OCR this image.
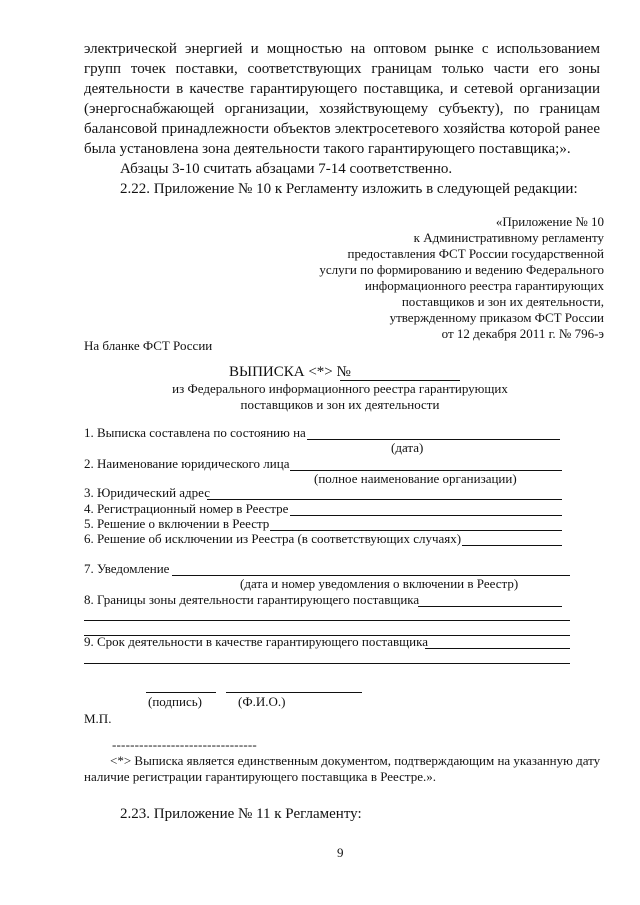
электрической энергией и мощностью на оптовом рынке с использованием
групп точек поставки, соответствующих границам только части его зоны
деятельности в качестве гарантирующего поставщика, и сетевой организации
(энергоснабжающей организации, хозяйствующему субъекту), по границам
балансовой принадлежности объектов электросетевого хозяйства которой ранее
была установлена зона деятельности такого гарантирующего поставщика;».
Абзацы 3-10 считать абзацами 7-14 соответственно.
2.22. Приложение № 10 к Регламенту изложить в следующей редакции:
«Приложение № 10
к Административному регламенту
предоставления ФСТ России государственной
услуги по формированию и ведению Федерального
информационного реестра гарантирующих
поставщиков и зон их деятельности,
утвержденному приказом ФСТ России
от 12 декабря 2011 г. № 796-э
На бланке ФСТ России
ВЫПИСКА <*> №
из Федерального информационного реестра гарантирующих
поставщиков и зон их деятельности
1. Выписка составлена по состоянию на
(дата)
2. Наименование юридического лица
(полное наименование организации)
3. Юридический адрес
4. Регистрационный номер в Реестре
5. Решение о включении в Реестр
6. Решение об исключении из Реестра (в соответствующих случаях)
7. Уведомление
(дата и номер уведомления о включении в Реестр)
8. Границы зоны деятельности гарантирующего поставщика
9. Срок деятельности в качестве гарантирующего поставщика
(подпись)	(Ф.И.О.)
М.П.
--------------------------------
<*> Выписка является единственным документом, подтверждающим на указанную дату
наличие регистрации гарантирующего поставщика в Реестре.».
2.23. Приложение № 11 к Регламенту:
9
